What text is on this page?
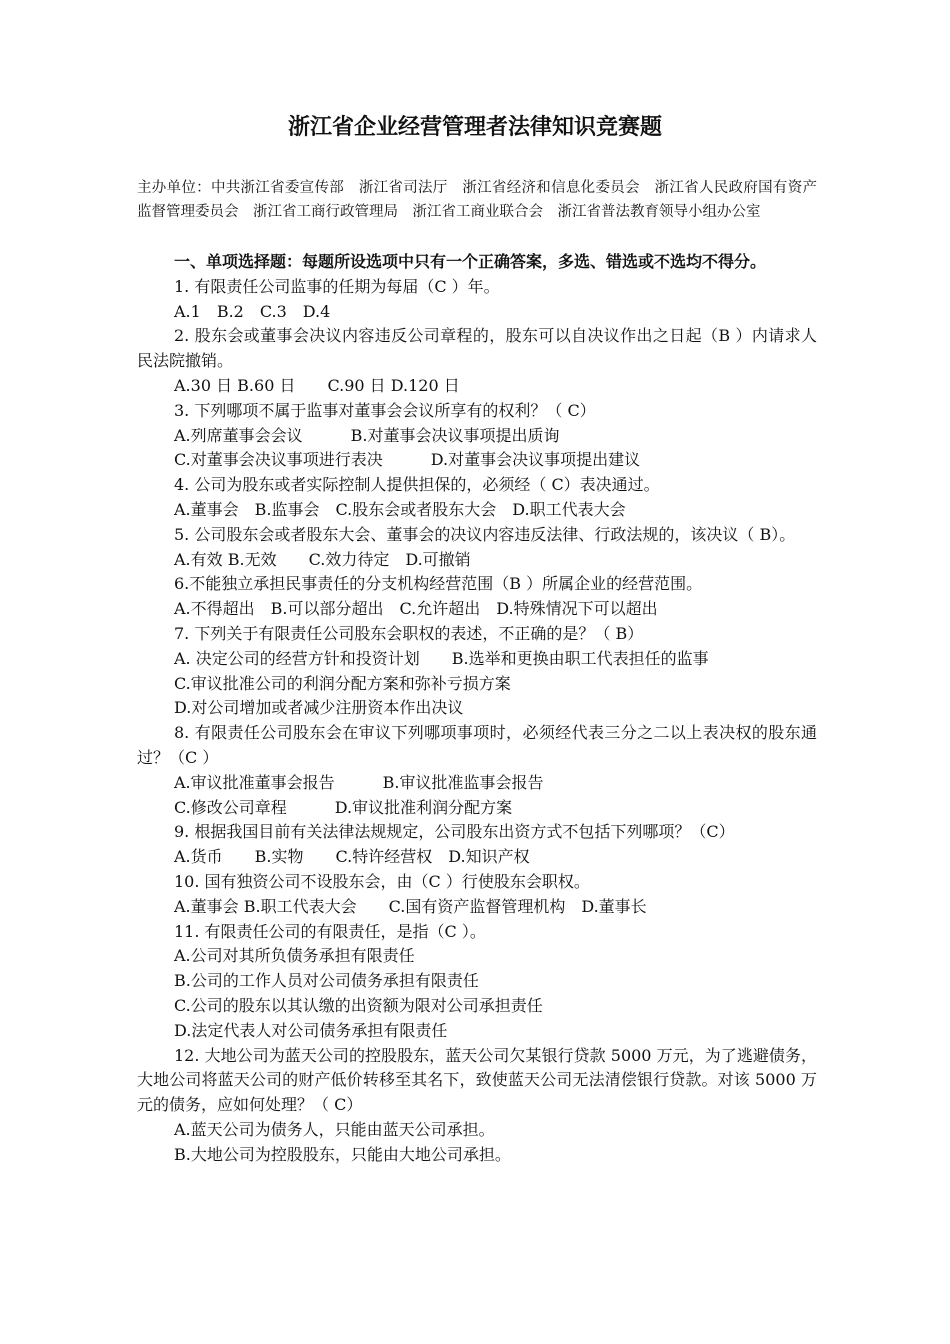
浙江省企业经营管理者法律知识竞赛题
主办单位：中共浙江省委宣传部　浙江省司法厅　浙江省经济和信息化委员会　浙江省人民政府国有资产监督管理委员会　浙江省工商行政管理局　浙江省工商业联合会　浙江省普法教育领导小组办公室

一、单项选择题：每题所设选项中只有一个正确答案，多选、错选或不选均不得分。

1. 有限责任公司监事的任期为每届（C ）年。

A.1　B.2　C.3　D.4

2. 股东会或董事会决议内容违反公司章程的，股东可以自决议作出之日起（B ）内请求人民法院撤销。

A.30 日 B.60 日　　C.90 日 D.120 日

3. 下列哪项不属于监事对董事会会议所享有的权利？（ C）

A.列席董事会会议　　　B.对董事会决议事项提出质询

C.对董事会决议事项进行表决　　　D.对董事会决议事项提出建议

4. 公司为股东或者实际控制人提供担保的，必须经（ C）表决通过。

A.董事会　B.监事会　C.股东会或者股东大会　D.职工代表大会

5. 公司股东会或者股东大会、董事会的决议内容违反法律、行政法规的，该决议（ B）。

A.有效 B.无效　　C.效力待定　D.可撤销

6.不能独立承担民事责任的分支机构经营范围（B ）所属企业的经营范围。

A.不得超出　B.可以部分超出　C.允许超出　D.特殊情况下可以超出

7. 下列关于有限责任公司股东会职权的表述，不正确的是？（ B）

A. 决定公司的经营方针和投资计划　　B.选举和更换由职工代表担任的监事

C.审议批准公司的利润分配方案和弥补亏损方案

D.对公司增加或者减少注册资本作出决议

8. 有限责任公司股东会在审议下列哪项事项时，必须经代表三分之二以上表决权的股东通过？（C ）

A.审议批准董事会报告　　　B.审议批准监事会报告

C.修改公司章程　　　D.审议批准利润分配方案

9. 根据我国目前有关法律法规规定，公司股东出资方式不包括下列哪项？（C）

A.货币　　B.实物　　C.特许经营权　D.知识产权

10. 国有独资公司不设股东会，由（C ）行使股东会职权。

A.董事会 B.职工代表大会　　C.国有资产监督管理机构　D.董事长

11. 有限责任公司的有限责任，是指（C ）。

A.公司对其所负债务承担有限责任

B.公司的工作人员对公司债务承担有限责任

C.公司的股东以其认缴的出资额为限对公司承担责任

D.法定代表人对公司债务承担有限责任

12. 大地公司为蓝天公司的控股股东，蓝天公司欠某银行贷款 5000 万元，为了逃避债务，大地公司将蓝天公司的财产低价转移至其名下，致使蓝天公司无法清偿银行贷款。对该 5000 万元的债务，应如何处理？（ C）

A.蓝天公司为债务人，只能由蓝天公司承担。

B.大地公司为控股股东，只能由大地公司承担。
